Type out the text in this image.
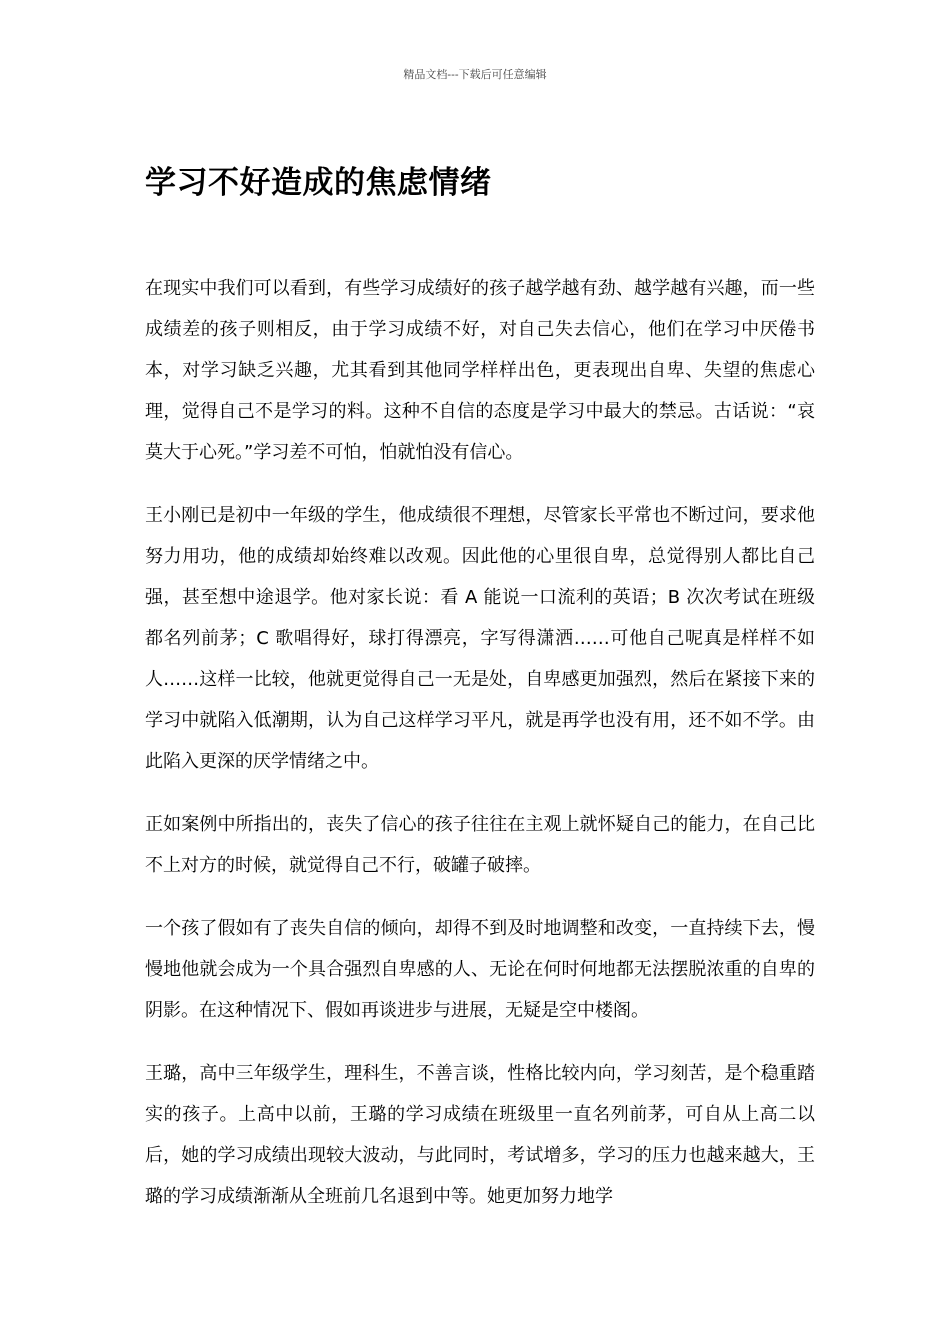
精品文档---下载后可任意编辑
学习不好造成的焦虑情绪

在现实中我们可以看到，有些学习成绩好的孩子越学越有劲、越学越有兴趣，而一些成绩差的孩子则相反，由于学习成绩不好，对自己失去信心，他们在学习中厌倦书本，对学习缺乏兴趣，尤其看到其他同学样样出色，更表现出自卑、失望的焦虑心理，觉得自己不是学习的料。这种不自信的态度是学习中最大的禁忌。古话说：“哀莫大于心死。”学习差不可怕，怕就怕没有信心。

王小刚已是初中一年级的学生，他成绩很不理想，尽管家长平常也不断过问，要求他努力用功，他的成绩却始终难以改观。因此他的心里很自卑，总觉得别人都比自己强，甚至想中途退学。他对家长说：看 A 能说一口流利的英语；B 次次考试在班级都名列前茅；C 歌唱得好，球打得漂亮，字写得潇洒……可他自己呢真是样样不如人……这样一比较，他就更觉得自己一无是处，自卑感更加强烈，然后在紧接下来的学习中就陷入低潮期，认为自己这样学习平凡，就是再学也没有用，还不如不学。由此陷入更深的厌学情绪之中。

正如案例中所指出的，丧失了信心的孩子往往在主观上就怀疑自己的能力，在自己比不上对方的时候，就觉得自己不行，破罐子破摔。

一个孩了假如有了丧失自信的倾向，却得不到及时地调整和改变，一直持续下去，慢慢地他就会成为一个具合强烈自卑感的人、无论在何时何地都无法摆脱浓重的自卑的阴影。在这种情况下、假如再谈进步与进展，无疑是空中楼阁。

王璐，高中三年级学生，理科生，不善言谈，性格比较内向，学习刻苦，是个稳重踏实的孩子。上高中以前，王璐的学习成绩在班级里一直名列前茅，可自从上高二以后，她的学习成绩出现较大波动，与此同时，考试增多，学习的压力也越来越大，王璐的学习成绩渐渐从全班前几名退到中等。她更加努力地学
